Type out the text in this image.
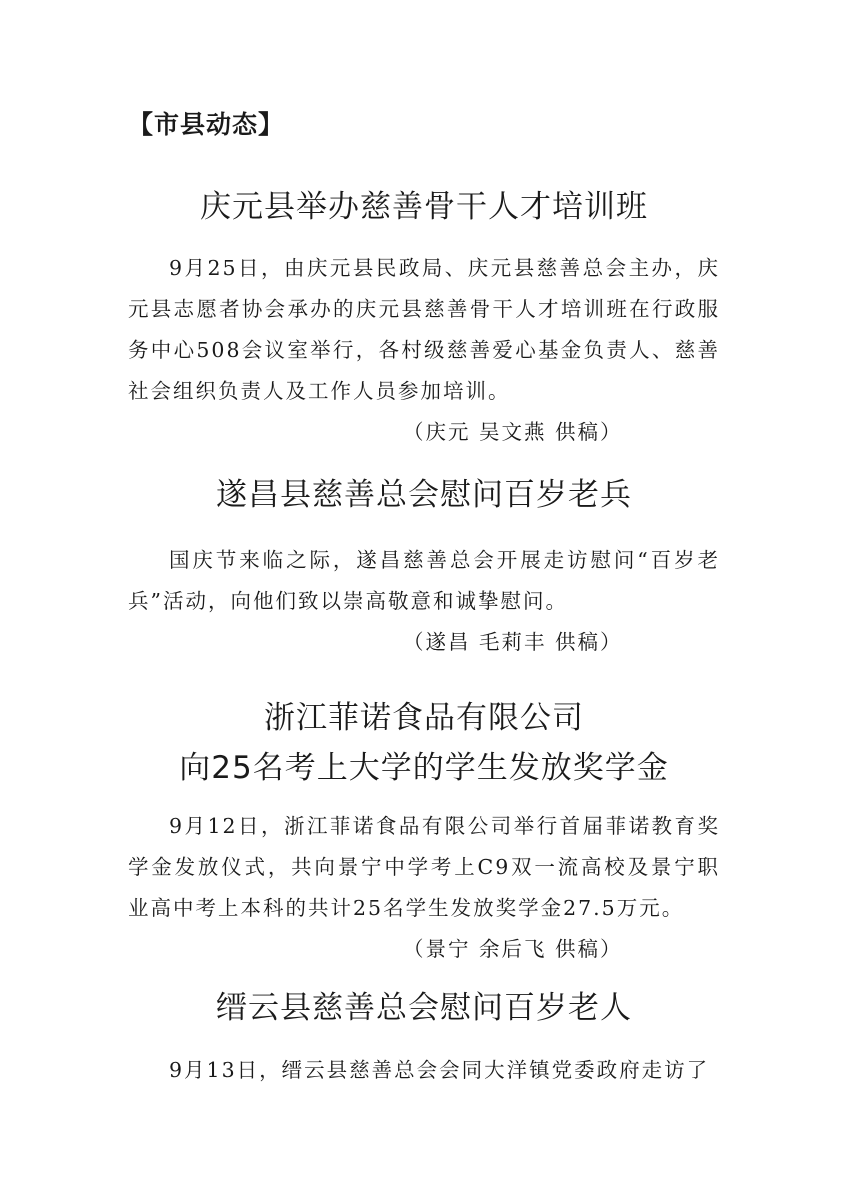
【市县动态】
庆元县举办慈善骨干人才培训班

9月25日，由庆元县民政局、庆元县慈善总会主办，庆元县志愿者协会承办的庆元县慈善骨干人才培训班在行政服务中心508会议室举行，各村级慈善爱心基金负责人、慈善社会组织负责人及工作人员参加培训。

（庆元 吴文燕 供稿）

遂昌县慈善总会慰问百岁老兵

国庆节来临之际，遂昌慈善总会开展走访慰问“百岁老兵”活动，向他们致以崇高敬意和诚挚慰问。

（遂昌 毛莉丰 供稿）

浙江菲诺食品有限公司
向25名考上大学的学生发放奖学金

9月12日，浙江菲诺食品有限公司举行首届菲诺教育奖学金发放仪式，共向景宁中学考上C9双一流高校及景宁职业高中考上本科的共计25名学生发放奖学金27.5万元。

（景宁 余后飞 供稿）

缙云县慈善总会慰问百岁老人

9月13日，缙云县慈善总会会同大洋镇党委政府走访了
